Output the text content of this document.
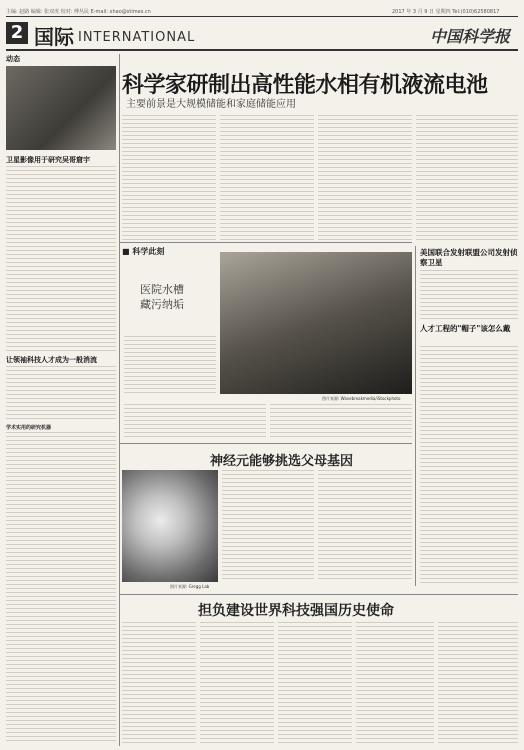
主编: 赵路 编辑: 张双虎 校对: 傅丛民 E-mail: xhao@stimes.cn	2017 年 3 月 9 日 星期四 Tel:(010)62580817
2 国际 INTERNATIONAL	中国科学报
动态
卫星影像用于研究吴哥窟宇
让领袖科技人才成为一般消流
学术实用的研究机器
科学家研制出高性能水相有机液流电池
主要前景是大规模储能和家庭储能应用
■ 科学此刻
医院水槽
藏污纳垢
图片来源: Wavebreakmedia/iStockphoto
美国联合发射联盟公司发射侦察卫星
人才工程的"帽子"该怎么戴
神经元能够挑选父母基因
图片来源: Gregg Lab
担负建设世界科技强国历史使命
